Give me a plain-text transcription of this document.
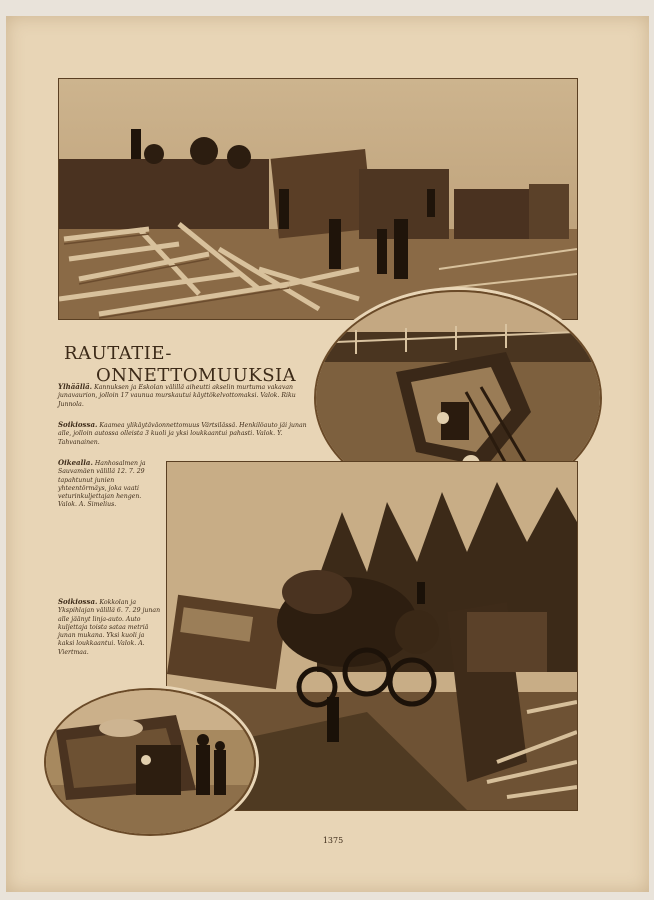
RAUTATIE-
ONNETTOMUUKSIA
Ylhäällä. Kannuksen ja Eskolan välillä aiheutti akselin murtuma vakavan junavaurion, jolloin 17 vaunua murskautui käyttökelvottomaksi. Valok. Riku Junnola.
Soikiossa. Kaamea ylikäytäväonnettomuus Värtsilässä. Henkilöauto jäi junan alle, jolloin autossa olleista 3 kuoli ja yksi loukkaantui pahasti. Valok. Y. Tahvanainen.
Oikealla. Hanhosalmen ja Sauvamäen välillä 12. 7. 29 tapahtunut junien yhteentörmäys, joka vaati veturinkuljettajan hengen. Valok. A. Simelius.
Soikiossa. Kokkolan ja Ykspihlajan välillä 6. 7. 29 junan alle jäänyt linja-auto. Auto kuljettaja toista sataa metriä junan mukana. Yksi kuoli ja kaksi loukkaantui. Valok. A. Viertmaa.
1375
